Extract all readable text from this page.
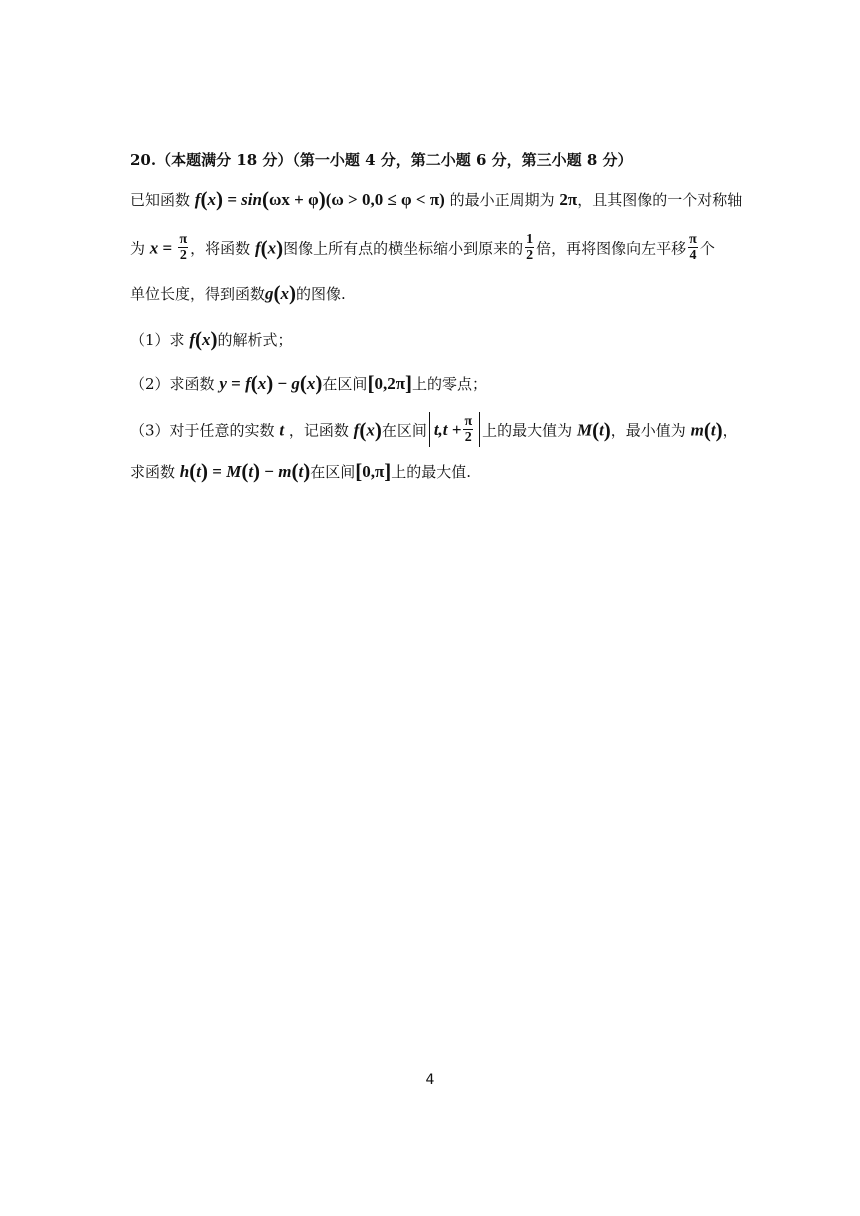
20.（本题满分 18 分）（第一小题 4 分，第二小题 6 分，第三小题 8 分）
已知函数 f(x) = sin(ωx + φ)(ω > 0,0 ≤ φ < π) 的最小正周期为 2π，且其图像的一个对称轴
为 $x = \frac{\pi}{2}$ ，将函数 f(x)图像上所有点的横坐标缩小到原来的 $\frac{1}{2}$ 倍，再将图像向左平移 $\frac{\pi}{4}$ 个
单位长度，得到函数g(x)的图像.
（1）求 f(x)的解析式；
（2）求函数 y = f(x) − g(x)在区间[0,2π]上的零点；
（3）对于任意的实数 t ，记函数 f(x)在区间 $t,t + \frac{\pi}{2}$ 上的最大值为 M(t)，最小值为 m(t)，
求函数 h(t) = M(t) − m(t)在区间[0,π]上的最大值.
4
